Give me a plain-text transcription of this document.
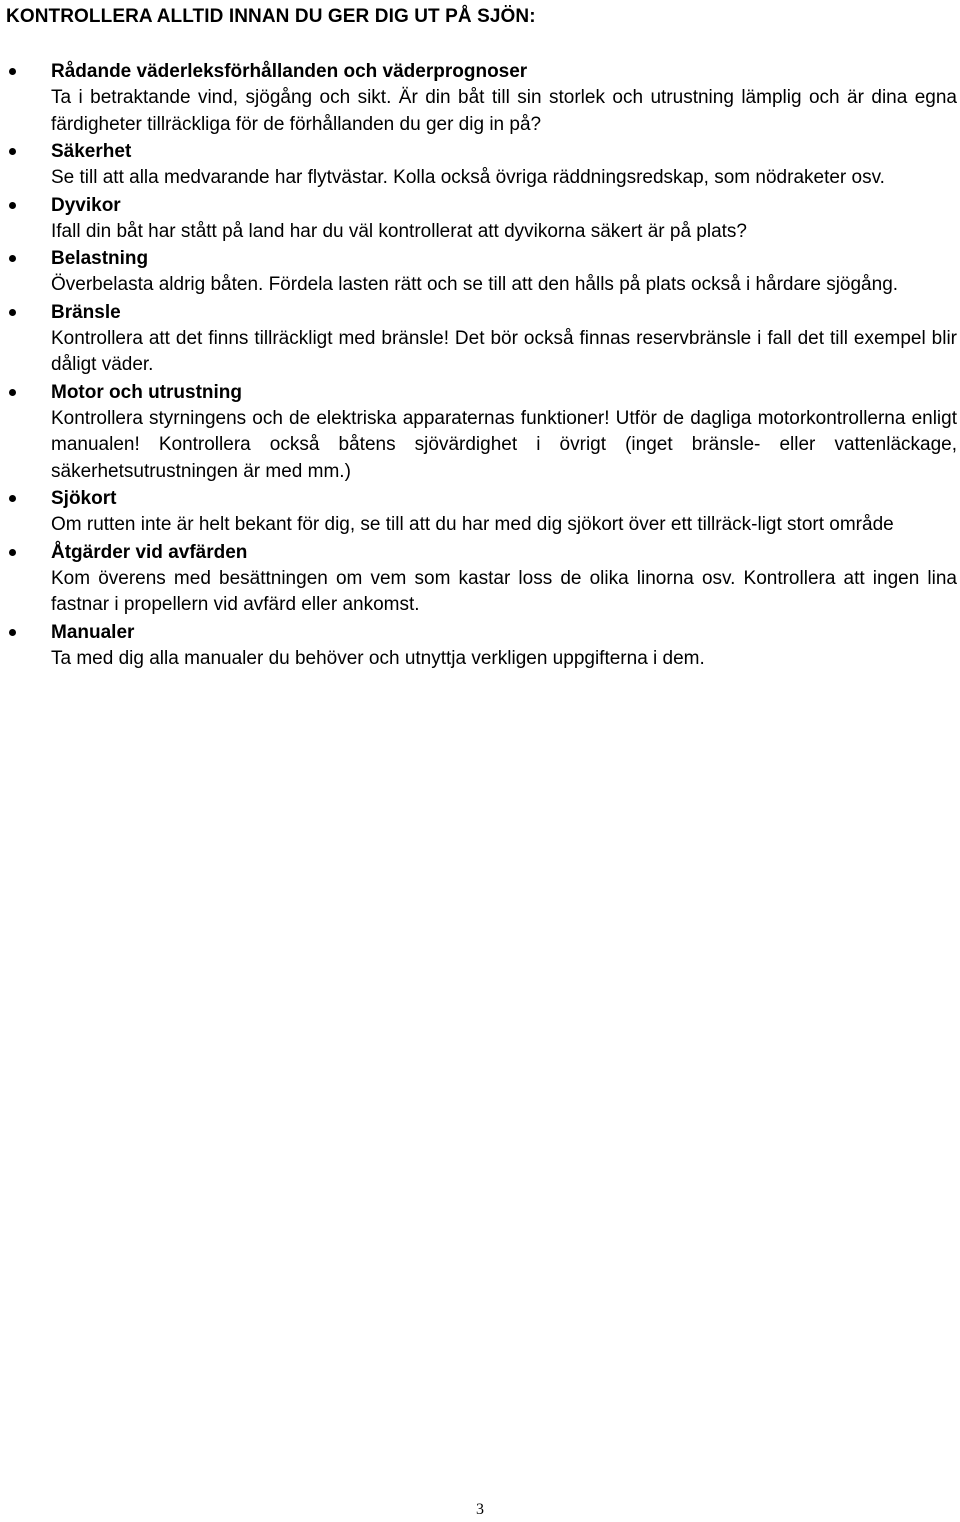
KONTROLLERA ALLTID INNAN DU GER DIG UT PÅ SJÖN:
Rådande väderleksförhållanden och väderprognoser
Ta i betraktande vind, sjögång och sikt. Är din båt till sin storlek och utrustning lämplig och är dina egna färdigheter tillräckliga för de förhållanden du ger dig in på?
Säkerhet
Se till att alla medvarande har flytvästar. Kolla också övriga räddningsredskap, som nödraketer osv.
Dyvikor
Ifall din båt har stått på land har du väl kontrollerat att dyvikorna säkert är på plats?
Belastning
Överbelasta aldrig båten. Fördela lasten rätt och se till att den hålls på plats också i hårdare sjögång.
Bränsle
Kontrollera att det finns tillräckligt med bränsle! Det bör också finnas reservbränsle i fall det till exempel blir dåligt väder.
Motor och utrustning
Kontrollera styrningens och de elektriska apparaternas funktioner! Utför de dagliga motorkontrollerna enligt manualen! Kontrollera också båtens sjövärdighet i övrigt (inget bränsle- eller vattenläckage, säkerhetsutrustningen är med mm.)
Sjökort
Om rutten inte är helt bekant för dig, se till att du har med dig sjökort över ett tillräck-ligt stort område
Åtgärder vid avfärden
Kom överens med besättningen om vem som kastar loss de olika linorna osv. Kontrollera att ingen lina fastnar i propellern vid avfärd eller ankomst.
Manualer
Ta med dig alla manualer du behöver och utnyttja verkligen uppgifterna i dem.
3
